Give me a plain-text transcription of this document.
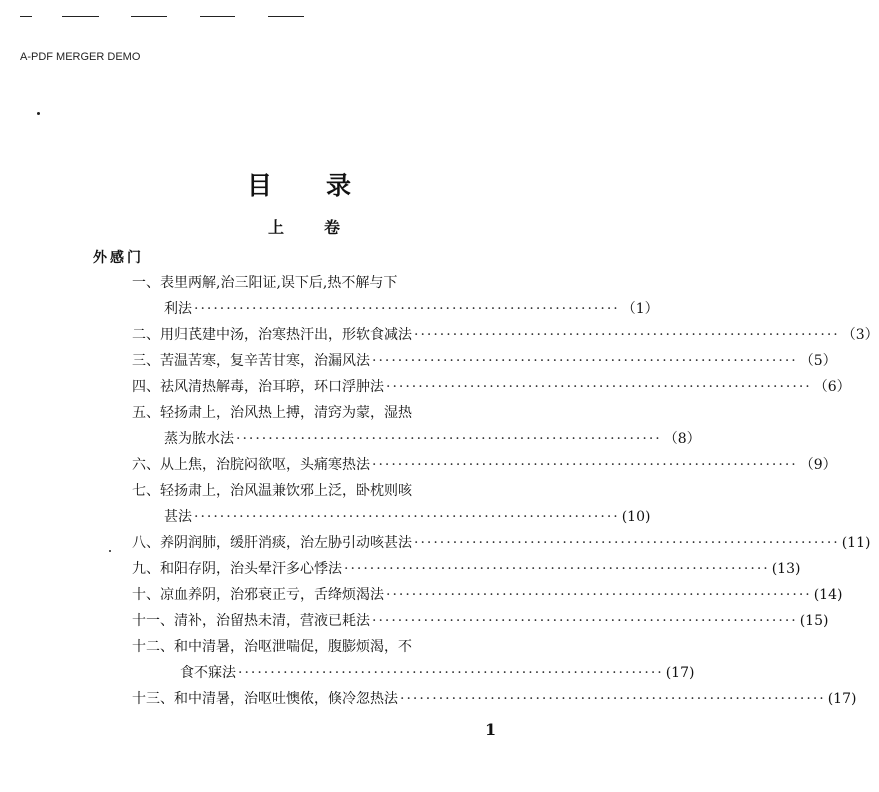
A-PDF MERGER DEMO
目录
上卷
外感门
一、表里两解,治三阳证,误下后,热不解与下
利法 ·································································· （1）
二、用归芪建中汤，治寒热汗出，形软食减法 ·································································· （3）
三、苦温苦寒，复辛苦甘寒，治漏风法 ·································································· （5）
四、祛风清热解毒，治耳聤，环口浮肿法 ·································································· （6）
五、轻扬肃上，治风热上搏，清窍为蒙，湿热
蒸为脓水法 ·································································· （8）
六、从上焦，治脘闷欲呕，头痛寒热法 ·································································· （9）
七、轻扬肃上，治风温兼饮邪上泛，卧枕则咳
甚法 ·································································· (10)
八、养阴润肺，缓肝消痰，治左胁引动咳甚法 ·································································· (11)
九、和阳存阴，治头晕汗多心悸法 ·································································· (13)
十、凉血养阴，治邪衰正亏，舌绛烦渴法 ·································································· (14)
十一、清补，治留热未清，营液已耗法 ·································································· (15)
十二、和中清暑，治呕泄喘促，腹膨烦渴，不
食不寐法 ·································································· (17)
十三、和中清暑，治呕吐懊侬，倏冷忽热法 ·································································· (17)
1
